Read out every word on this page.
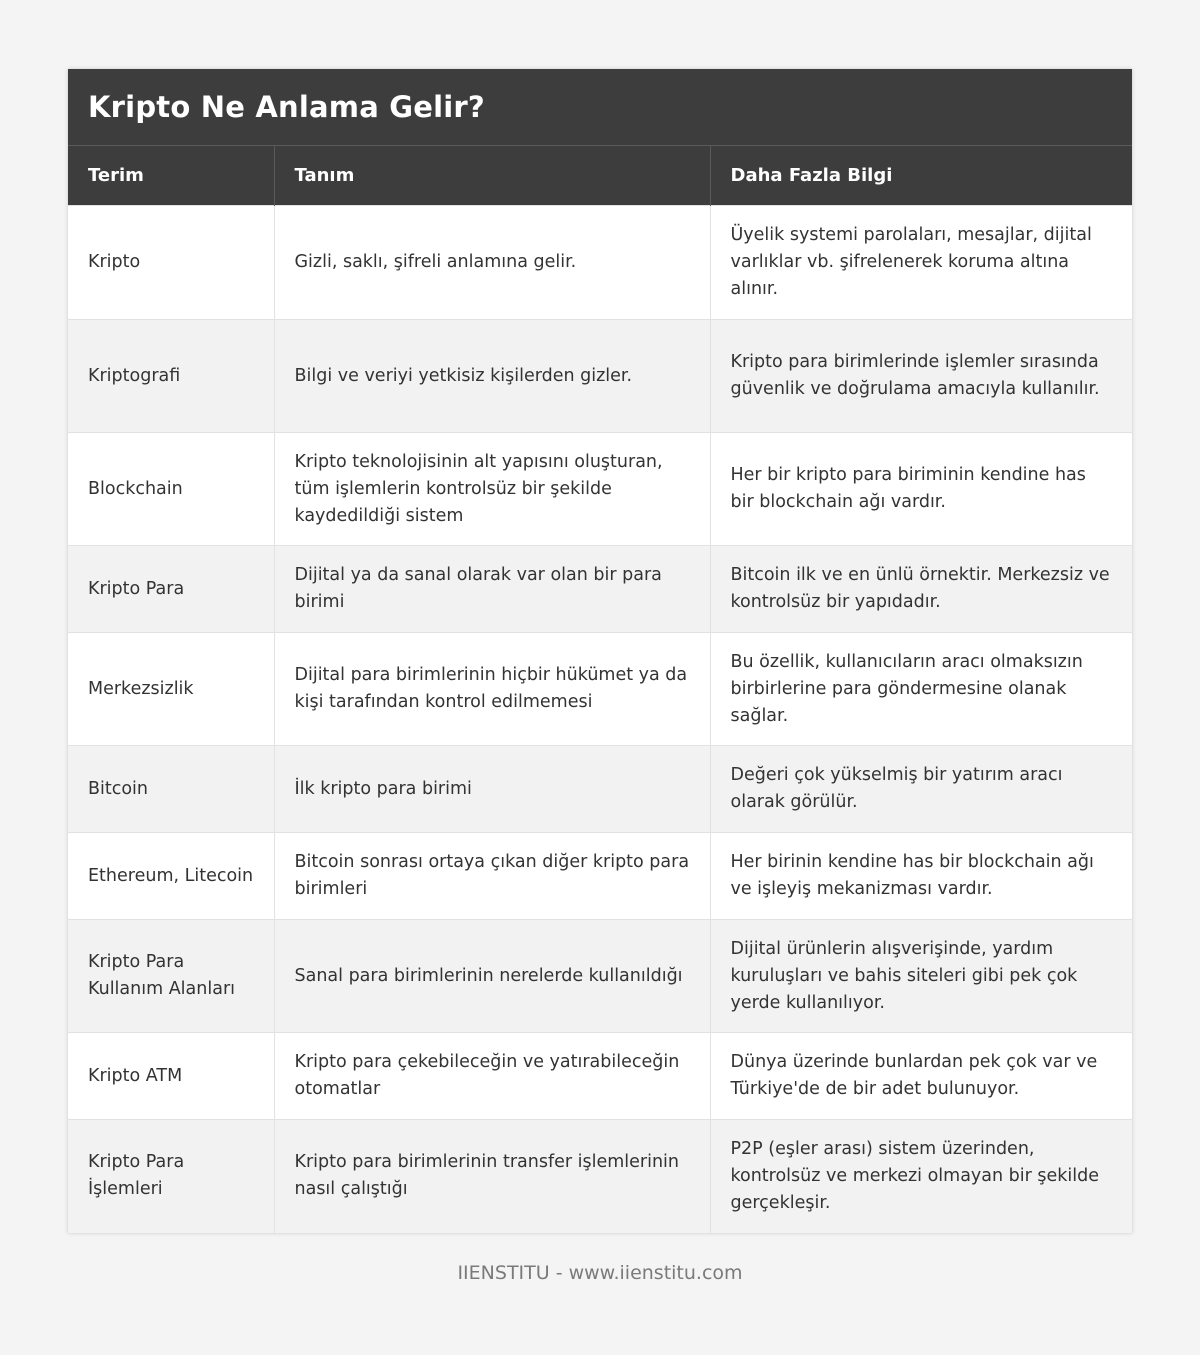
Kripto Ne Anlama Gelir?
Terim	Tanım	Daha Fazla Bilgi
Kripto	Gizli, saklı, şifreli anlamına gelir.	Üyelik systemi parolaları, mesajlar, dijital varlıklar vb. şifrelenerek koruma altına alınır.
Kriptografi	Bilgi ve veriyi yetkisiz kişilerden gizler.	Kripto para birimlerinde işlemler sırasında güvenlik ve doğrulama amacıyla kullanılır.
Blockchain	Kripto teknolojisinin alt yapısını oluşturan, tüm işlemlerin kontrolsüz bir şekilde kaydedildiği sistem	Her bir kripto para biriminin kendine has bir blockchain ağı vardır.
Kripto Para	Dijital ya da sanal olarak var olan bir para birimi	Bitcoin ilk ve en ünlü örnektir. Merkezsiz ve kontrolsüz bir yapıdadır.
Merkezsizlik	Dijital para birimlerinin hiçbir hükümet ya da kişi tarafından kontrol edilmemesi	Bu özellik, kullanıcıların aracı olmaksızın birbirlerine para göndermesine olanak sağlar.
Bitcoin	İlk kripto para birimi	Değeri çok yükselmiş bir yatırım aracı olarak görülür.
Ethereum, Litecoin	Bitcoin sonrası ortaya çıkan diğer kripto para birimleri	Her birinin kendine has bir blockchain ağı ve işleyiş mekanizması vardır.
Kripto Para Kullanım Alanları	Sanal para birimlerinin nerelerde kullanıldığı	Dijital ürünlerin alışverişinde, yardım kuruluşları ve bahis siteleri gibi pek çok yerde kullanılıyor.
Kripto ATM	Kripto para çekebileceğin ve yatırabileceğin otomatlar	Dünya üzerinde bunlardan pek çok var ve Türkiye'de de bir adet bulunuyor.
Kripto Para İşlemleri	Kripto para birimlerinin transfer işlemlerinin nasıl çalıştığı	P2P (eşler arası) sistem üzerinden, kontrolsüz ve merkezi olmayan bir şekilde gerçekleşir.
IIENSTITU - www.iienstitu.com
